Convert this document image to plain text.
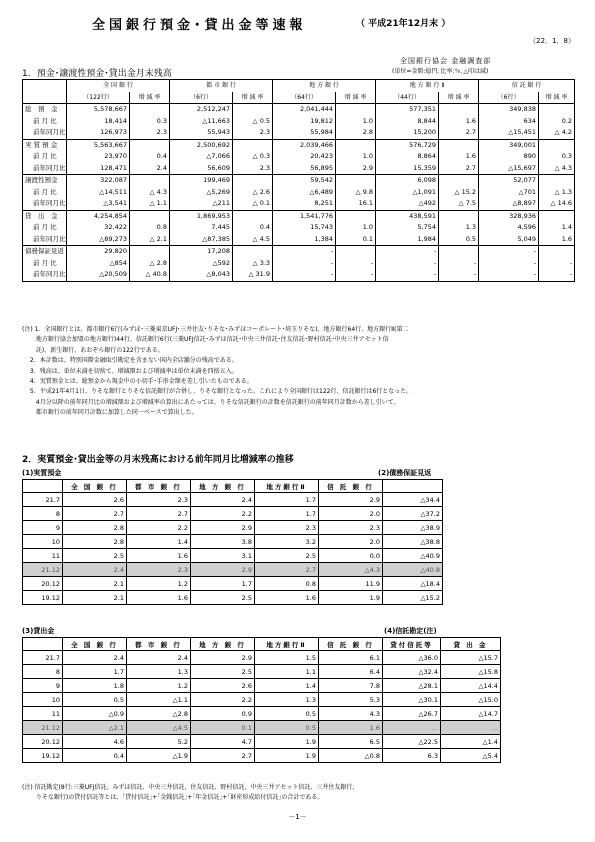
全国銀行預金･貸出金等速報	（ 平成21年12月末 ）
（22．1．8）
全国銀行協会 金融調査部
1．預金･譲渡性預金･貸出金月末残高	(単位=金額:億円､比率:％､△印は減)
	全 国 銀 行		都 市 銀 行		地 方 銀 行		地 方 銀 行 Ⅱ		信 託 銀 行	
	（122行）	増 減 率	（6行）	増 減 率	（64行）	増 減 率	（44行）	増 減 率	（6行）	増 減 率
総　預　金	5,578,667		2,512,247		2,041,444		577,351		349,838	
前 月 比	18,414	0.3	△11,663	△ 0.5	19,812	1.0	8,844	1.6	634	0.2
前年同月比	126,973	2.3	55,943	2.3	55,984	2.8	15,200	2.7	△15,451	△ 4.2
実 質 預 金	5,563,667		2,500,692		2,039,466		576,729		349,001	
前 月 比	23,970	0.4	△7,066	△ 0.3	20,423	1.0	8,864	1.6	890	0.3
前年同月比	128,471	2.4	56,609	2.3	56,895	2.9	15,359	2.7	△15,697	△ 4.3
譲渡性預金	322,087		199,469		59,542		6,098		52,077	
前 月 比	△14,511	△ 4.3	△5,269	△ 2.6	△6,489	△ 9.8	△1,091	△ 15.2	△701	△ 1.3
前年同月比	△3,541	△ 1.1	△211	△ 0.1	8,251	16.1	△492	△ 7.5	△8,897	△ 14.6
貸　出　金	4,254,854		1,869,953		1,541,776		438,591		328,936	
前 月 比	32,422	0.8	7,445	0.4	15,743	1.0	5,754	1.3	4,596	1.4
前年同月比	△89,273	△ 2.1	△87,385	△ 4.5	1,384	0.1	1,984	0.5	5,049	1.6
債務保証見返	29,820		17,208		-		-		-	
前 月 比	△854	△ 2.8	△592	△ 3.3	-	-	-	-	-	-
前年同月比	△20,509	△ 40.8	△8,043	△ 31.9	-	-	-	-	-	-
(注) 1．全国銀行とは、都市銀行6行(みずほ･三菱東京UFJ･三井住友･りそな･みずほコーポレート･埼玉りそな)、地方銀行64行、地方銀行Ⅱ(第二
　　 地方銀行協会加盟の地方銀行)44行、信託銀行6行(三菱UFJ信託･みずほ信託･中央三井信託･住友信託･野村信託･中央三井アセット信
　　 託)、新生銀行、あおぞら銀行の122行である。
　 2．本計数は、特別国際金融取引勘定を含まない国内全店舗分の残高である。
　 3．残高は、単位未満を切捨て、増減額および増減率は単位未満を四捨五入。
　 4．実質預金とは、総預金から現金中の小切手･手形金額を差し引いたものである。
　 5．平成21年4月1日、りそな銀行とりそな信託銀行が合併し、りそな銀行となった。これにより全国銀行は122行、信託銀行は6行となった。
　　 4月分以降の前年同月比の増減額および増減率の算出にあたっては、りそな信託銀行の計数を信託銀行の前年同月計数から差し引いて、
　　 都市銀行の前年同月計数に加算した同一ベースで算出した。
2．実質預金･貸出金等の月末残高における前年同月比増減率の推移
(1)実質預金	(2)債務保証見返
	全 国 銀 行	都 市 銀 行	地 方 銀 行	地方銀行Ⅱ	信 託 銀 行	
21.7	2.6	2.3	2.4	1.7	2.9	△34.4
8	2.7	2.7	2.2	1.7	2.0	△37.2
9	2.8	2.2	2.9	2.3	2.3	△38.9
10	2.8	1.4	3.8	3.2	2.0	△38.8
11	2.5	1.6	3.1	2.5	0.0	△40.9
21.12	2.4	2.3	2.9	2.7	△4.3	△40.8
20.12	2.1	1.2	1.7	0.8	11.9	△18.4
19.12	2.1	1.6	2.5	1.6	1.9	△15.2
(3)貸出金	(4)信託勘定(注)
	全 国 銀 行	都 市 銀 行	地 方 銀 行	地方銀行Ⅱ	信 託 銀 行	貸付信託等	貸 出 金
21.7	2.4	2.4	2.9	1.5	6.1	△36.0	△15.7
8	1.7	1.3	2.5	1.1	6.4	△32.4	△15.8
9	1.8	1.2	2.6	1.4	7.8	△28.1	△14.4
10	0.5	△1.1	2.2	1.3	5.3	△30.1	△15.0
11	△0.9	△2.8	0.9	0.5	4.3	△26.7	△14.7
21.12	△2.1	△4.5	0.1	0.5	1.6	…	…
20.12	4.6	5.2	4.7	1.9	6.5	△22.5	△1.4
19.12	0.4	△1.9	2.7	1.9	△0.8	6.3	△5.4
(注) 信託勘定(8行:三菱UFJ信託、みずほ信託、中央三井信託、住友信託、野村信託、中央三井アセット信託、三井住友銀行、
　　 りそな銀行)の貸付信託等とは、｢貸付信託｣+｢金銭信託｣+｢年金信託｣+｢財産形成給付信託｣の合計である。
－1－
